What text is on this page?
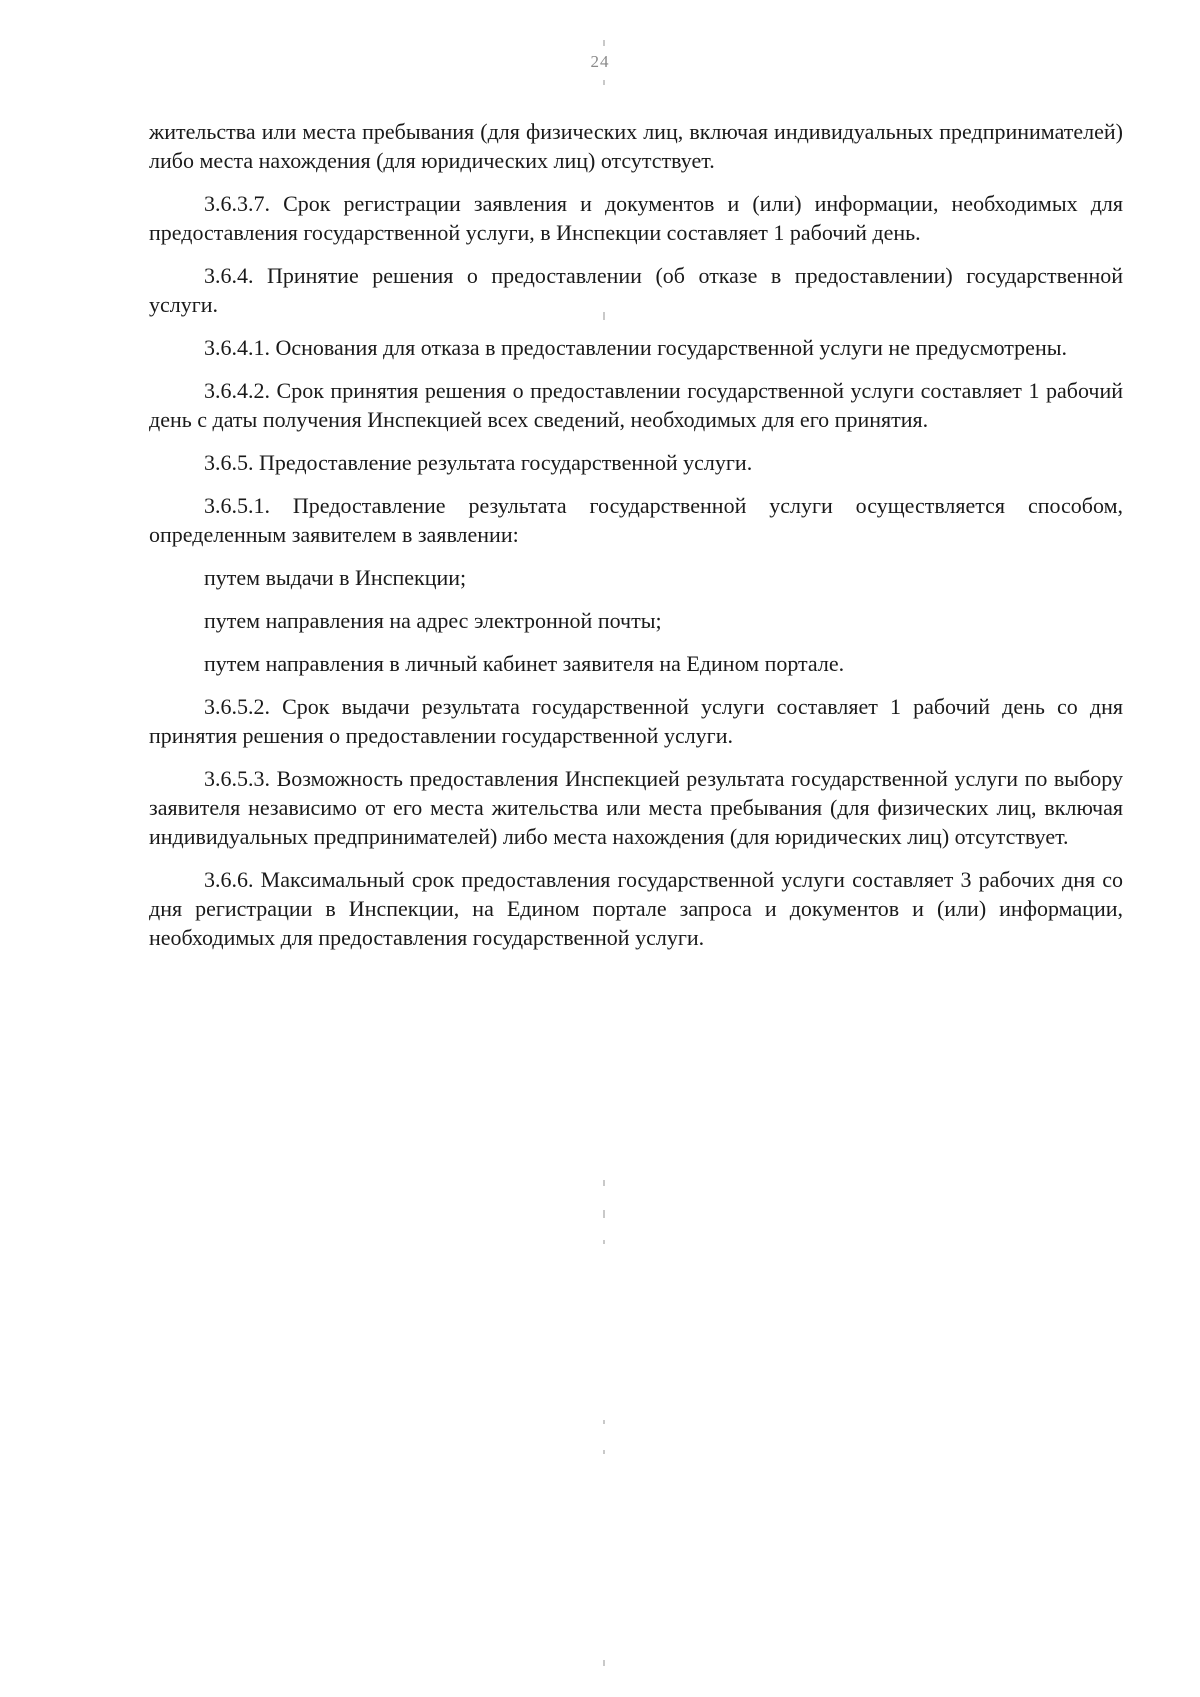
24

жительства или места пребывания (для физических лиц, включая индивидуальных предпринимателей) либо места нахождения (для юридических лиц) отсутствует.

3.6.3.7. Срок регистрации заявления и документов и (или) информации, необходимых для предоставления государственной услуги, в Инспекции составляет 1 рабочий день.

3.6.4. Принятие решения о предоставлении (об отказе в предоставлении) государственной услуги.

3.6.4.1. Основания для отказа в предоставлении государственной услуги не предусмотрены.

3.6.4.2. Срок принятия решения о предоставлении государственной услуги составляет 1 рабочий день с даты получения Инспекцией всех сведений, необходимых для его принятия.

3.6.5. Предоставление результата государственной услуги.

3.6.5.1. Предоставление результата государственной услуги осуществляется способом, определенным заявителем в заявлении:

путем выдачи в Инспекции;

путем направления на адрес электронной почты;

путем направления в личный кабинет заявителя на Едином портале.

3.6.5.2. Срок выдачи результата государственной услуги составляет 1 рабочий день со дня принятия решения о предоставлении государственной услуги.

3.6.5.3. Возможность предоставления Инспекцией результата государственной услуги по выбору заявителя независимо от его места жительства или места пребывания (для физических лиц, включая индивидуальных предпринимателей) либо места нахождения (для юридических лиц) отсутствует.

3.6.6. Максимальный срок предоставления государственной услуги составляет 3 рабочих дня со дня регистрации в Инспекции, на Едином портале запроса и документов и (или) информации, необходимых для предоставления государственной услуги.
